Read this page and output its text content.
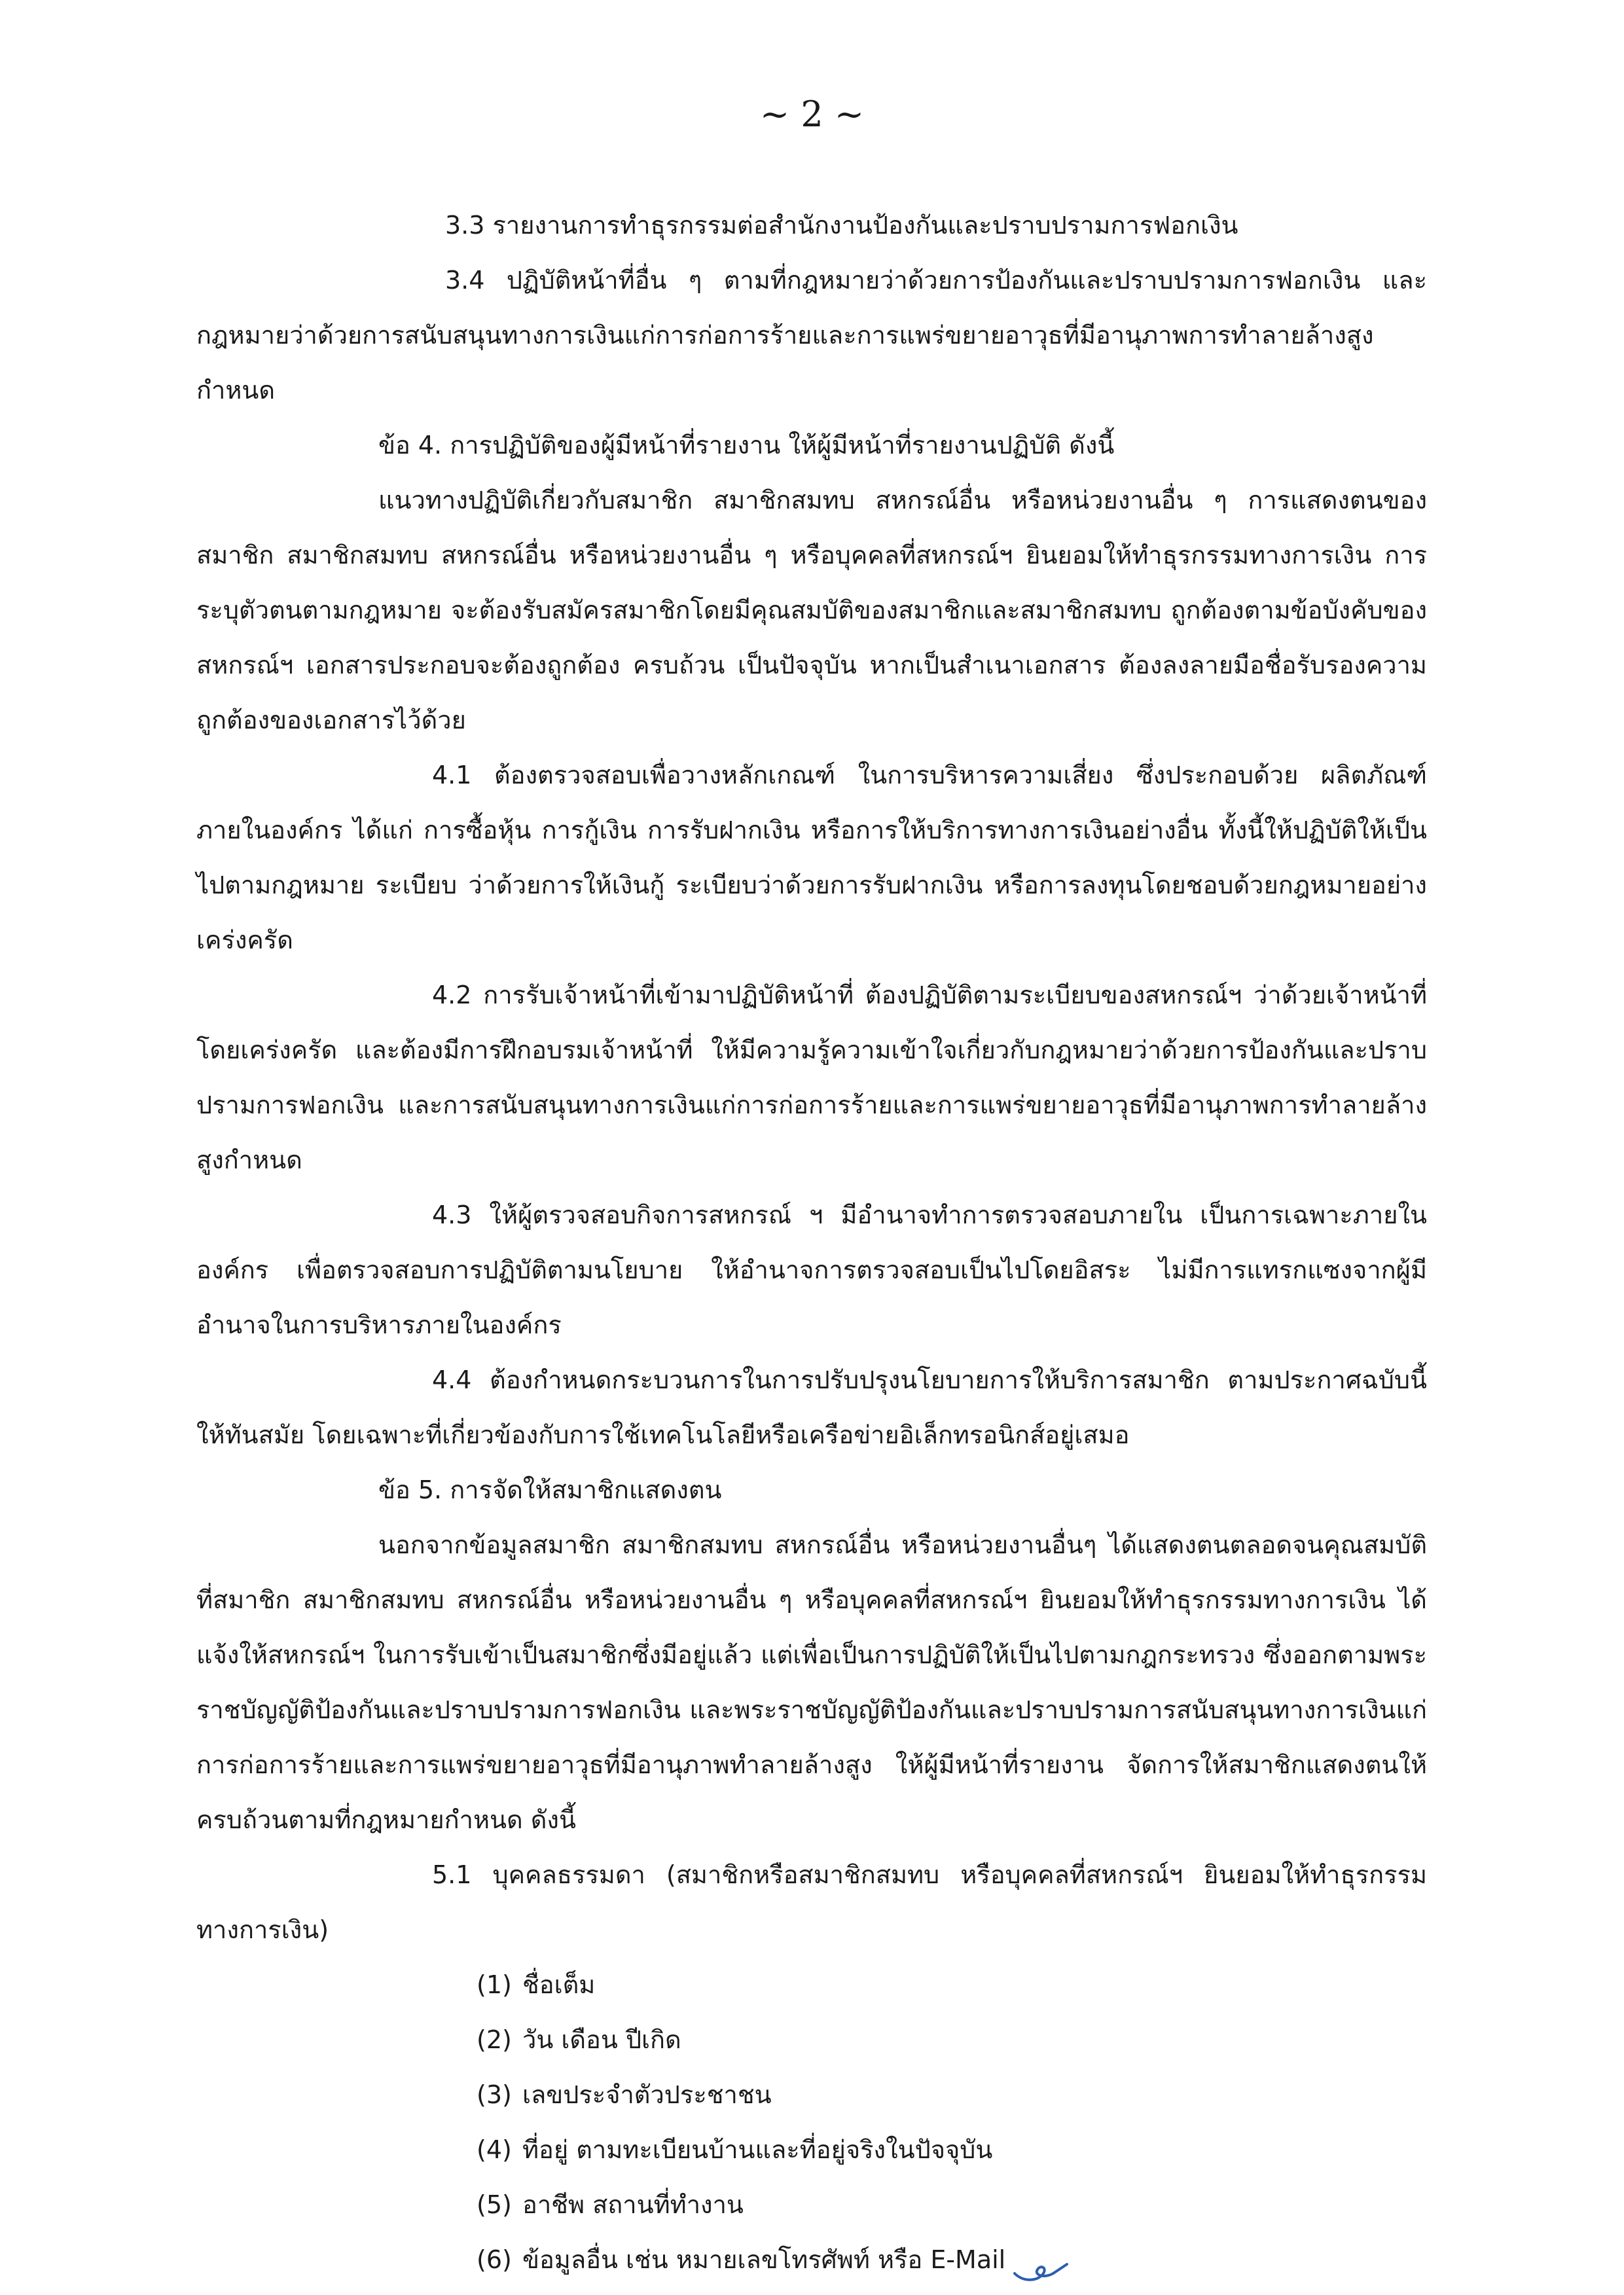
~ 2 ~

3.3 รายงานการทำธุรกรรมต่อสำนักงานป้องกันและปราบปรามการฟอกเงิน

3.4 ปฏิบัติหน้าที่อื่น ๆ ตามที่กฎหมายว่าด้วยการป้องกันและปราบปรามการฟอกเงิน และกฎหมายว่าด้วยการสนับสนุนทางการเงินแก่การก่อการร้ายและการแพร่ขยายอาวุธที่มีอานุภาพการทำลายล้างสูงกำหนด

ข้อ 4. การปฏิบัติของผู้มีหน้าที่รายงาน ให้ผู้มีหน้าที่รายงานปฏิบัติ ดังนี้

แนวทางปฏิบัติเกี่ยวกับสมาชิก สมาชิกสมทบ สหกรณ์อื่น หรือหน่วยงานอื่น ๆ การแสดงตนของสมาชิก สมาชิกสมทบ สหกรณ์อื่น หรือหน่วยงานอื่น ๆ หรือบุคคลที่สหกรณ์ฯ ยินยอมให้ทำธุรกรรมทางการเงิน การระบุตัวตนตามกฎหมาย จะต้องรับสมัครสมาชิกโดยมีคุณสมบัติของสมาชิกและสมาชิกสมทบ ถูกต้องตามข้อบังคับของสหกรณ์ฯ เอกสารประกอบจะต้องถูกต้อง ครบถ้วน เป็นปัจจุบัน หากเป็นสำเนาเอกสาร ต้องลงลายมือชื่อรับรองความถูกต้องของเอกสารไว้ด้วย

4.1 ต้องตรวจสอบเพื่อวางหลักเกณฑ์ ในการบริหารความเสี่ยง ซึ่งประกอบด้วย ผลิตภัณฑ์ภายในองค์กร ได้แก่ การซื้อหุ้น การกู้เงิน การรับฝากเงิน หรือการให้บริการทางการเงินอย่างอื่น ทั้งนี้ให้ปฏิบัติให้เป็นไปตามกฎหมาย ระเบียบ ว่าด้วยการให้เงินกู้ ระเบียบว่าด้วยการรับฝากเงิน หรือการลงทุนโดยชอบด้วยกฎหมายอย่างเคร่งครัด

4.2 การรับเจ้าหน้าที่เข้ามาปฏิบัติหน้าที่ ต้องปฏิบัติตามระเบียบของสหกรณ์ฯ ว่าด้วยเจ้าหน้าที่โดยเคร่งครัด และต้องมีการฝึกอบรมเจ้าหน้าที่ ให้มีความรู้ความเข้าใจเกี่ยวกับกฎหมายว่าด้วยการป้องกันและปราบปรามการฟอกเงิน และการสนับสนุนทางการเงินแก่การก่อการร้ายและการแพร่ขยายอาวุธที่มีอานุภาพการทำลายล้างสูงกำหนด

4.3 ให้ผู้ตรวจสอบกิจการสหกรณ์ ฯ มีอำนาจทำการตรวจสอบภายใน เป็นการเฉพาะภายในองค์กร เพื่อตรวจสอบการปฏิบัติตามนโยบาย ให้อำนาจการตรวจสอบเป็นไปโดยอิสระ ไม่มีการแทรกแซงจากผู้มีอำนาจในการบริหารภายในองค์กร

4.4 ต้องกำหนดกระบวนการในการปรับปรุงนโยบายการให้บริการสมาชิก ตามประกาศฉบับนี้ให้ทันสมัย โดยเฉพาะที่เกี่ยวข้องกับการใช้เทคโนโลยีหรือเครือข่ายอิเล็กทรอนิกส์อยู่เสมอ

ข้อ 5. การจัดให้สมาชิกแสดงตน

นอกจากข้อมูลสมาชิก สมาชิกสมทบ สหกรณ์อื่น หรือหน่วยงานอื่นๆ ได้แสดงตนตลอดจนคุณสมบัติที่สมาชิก สมาชิกสมทบ สหกรณ์อื่น หรือหน่วยงานอื่น ๆ หรือบุคคลที่สหกรณ์ฯ ยินยอมให้ทำธุรกรรมทางการเงิน ได้แจ้งให้สหกรณ์ฯ ในการรับเข้าเป็นสมาชิกซึ่งมีอยู่แล้ว แต่เพื่อเป็นการปฏิบัติให้เป็นไปตามกฎกระทรวง ซึ่งออกตามพระราชบัญญัติป้องกันและปราบปรามการฟอกเงิน และพระราชบัญญัติป้องกันและปราบปรามการสนับสนุนทางการเงินแก่การก่อการร้ายและการแพร่ขยายอาวุธที่มีอานุภาพทำลายล้างสูง ให้ผู้มีหน้าที่รายงาน จัดการให้สมาชิกแสดงตนให้ครบถ้วนตามที่กฎหมายกำหนด ดังนี้

5.1 บุคคลธรรมดา (สมาชิกหรือสมาชิกสมทบ หรือบุคคลที่สหกรณ์ฯ ยินยอมให้ทำธุรกรรมทางการเงิน)

(1) ชื่อเต็ม
(2) วัน เดือน ปีเกิด
(3) เลขประจำตัวประชาชน
(4) ที่อยู่ ตามทะเบียนบ้านและที่อยู่จริงในปัจจุบัน
(5) อาชีพ สถานที่ทำงาน
(6) ข้อมูลอื่น เช่น หมายเลขโทรศัพท์ หรือ E-Mail
